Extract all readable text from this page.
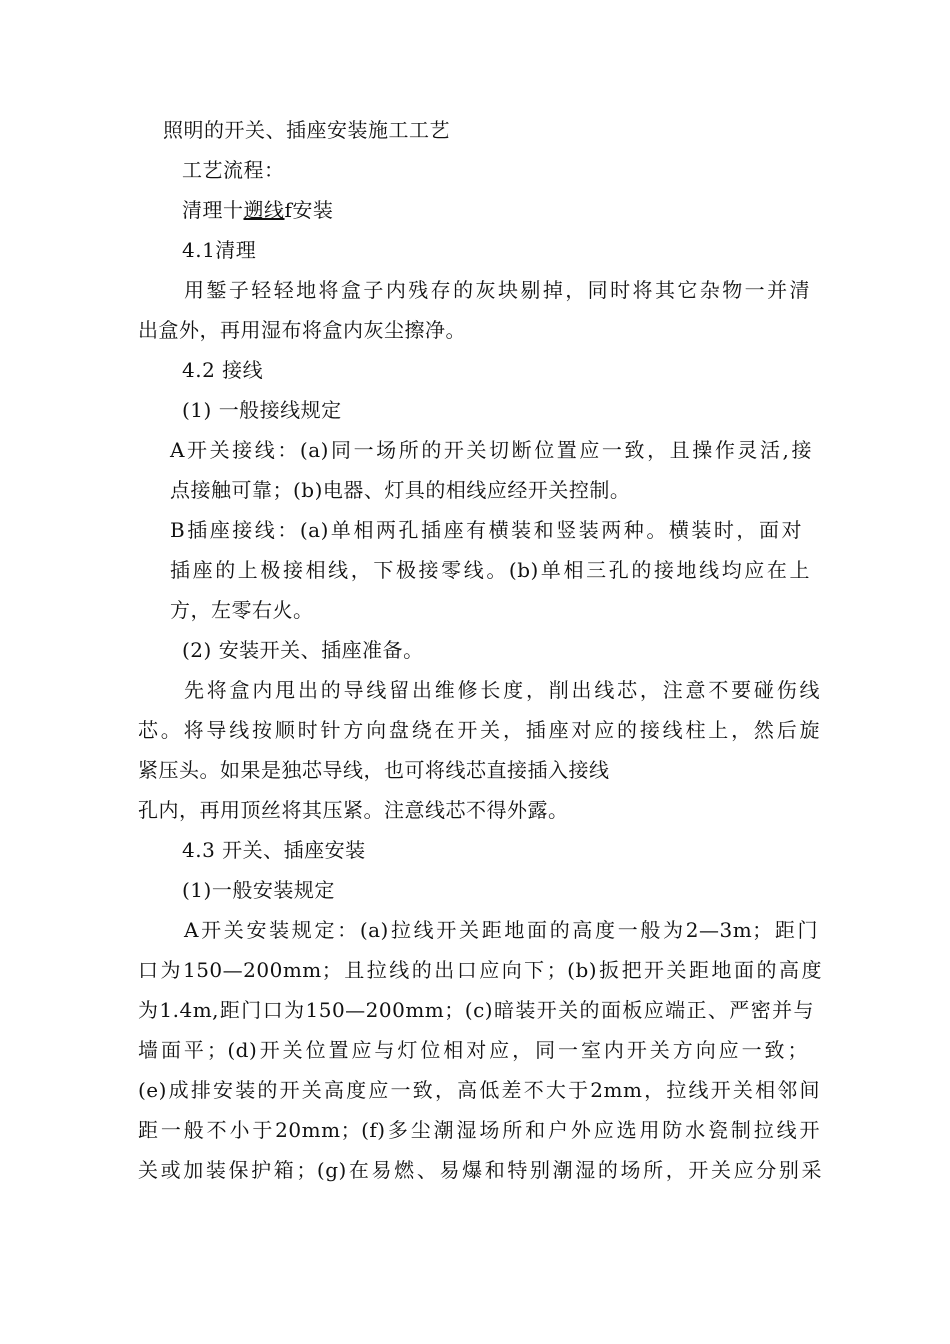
照明的开关、插座安装施工工艺
工艺流程：
清理十遡线f安装
4.1清理
用錾子轻轻地将盒子内残存的灰块剔掉，同时将其它杂物一并清
出盒外，再用湿布将盒内灰尘擦净。
4.2 接线
(1) 一般接线规定
A开关接线：(a)同一场所的开关切断位置应一致，且操作灵活,接
点接触可靠；(b)电器、灯具的相线应经开关控制。
B插座接线：(a)单相两孔插座有横装和竖装两种。横装时，面对
插座的上极接相线，下极接零线。(b)单相三孔的接地线均应在上
方，左零右火。
(2) 安装开关、插座准备。
先将盒内甩出的导线留出维修长度，削出线芯，注意不要碰伤线
芯。将导线按顺时针方向盘绕在开关，插座对应的接线柱上，然后旋
紧压头。如果是独芯导线，也可将线芯直接插入接线
孔内，再用顶丝将其压紧。注意线芯不得外露。
4.3 开关、插座安装
(1)一般安装规定
A开关安装规定：(a)拉线开关距地面的高度一般为2—3m；距门
口为150—200mm；且拉线的出口应向下；(b)扳把开关距地面的高度
为1.4m,距门口为150—200mm；(c)暗装开关的面板应端正、严密并与
墙面平；(d)开关位置应与灯位相对应，同一室内开关方向应一致；
(e)成排安装的开关高度应一致，高低差不大于2mm，拉线开关相邻间
距一般不小于20mm；(f)多尘潮湿场所和户外应选用防水瓷制拉线开
关或加装保护箱；(g)在易燃、易爆和特别潮湿的场所，开关应分别采
